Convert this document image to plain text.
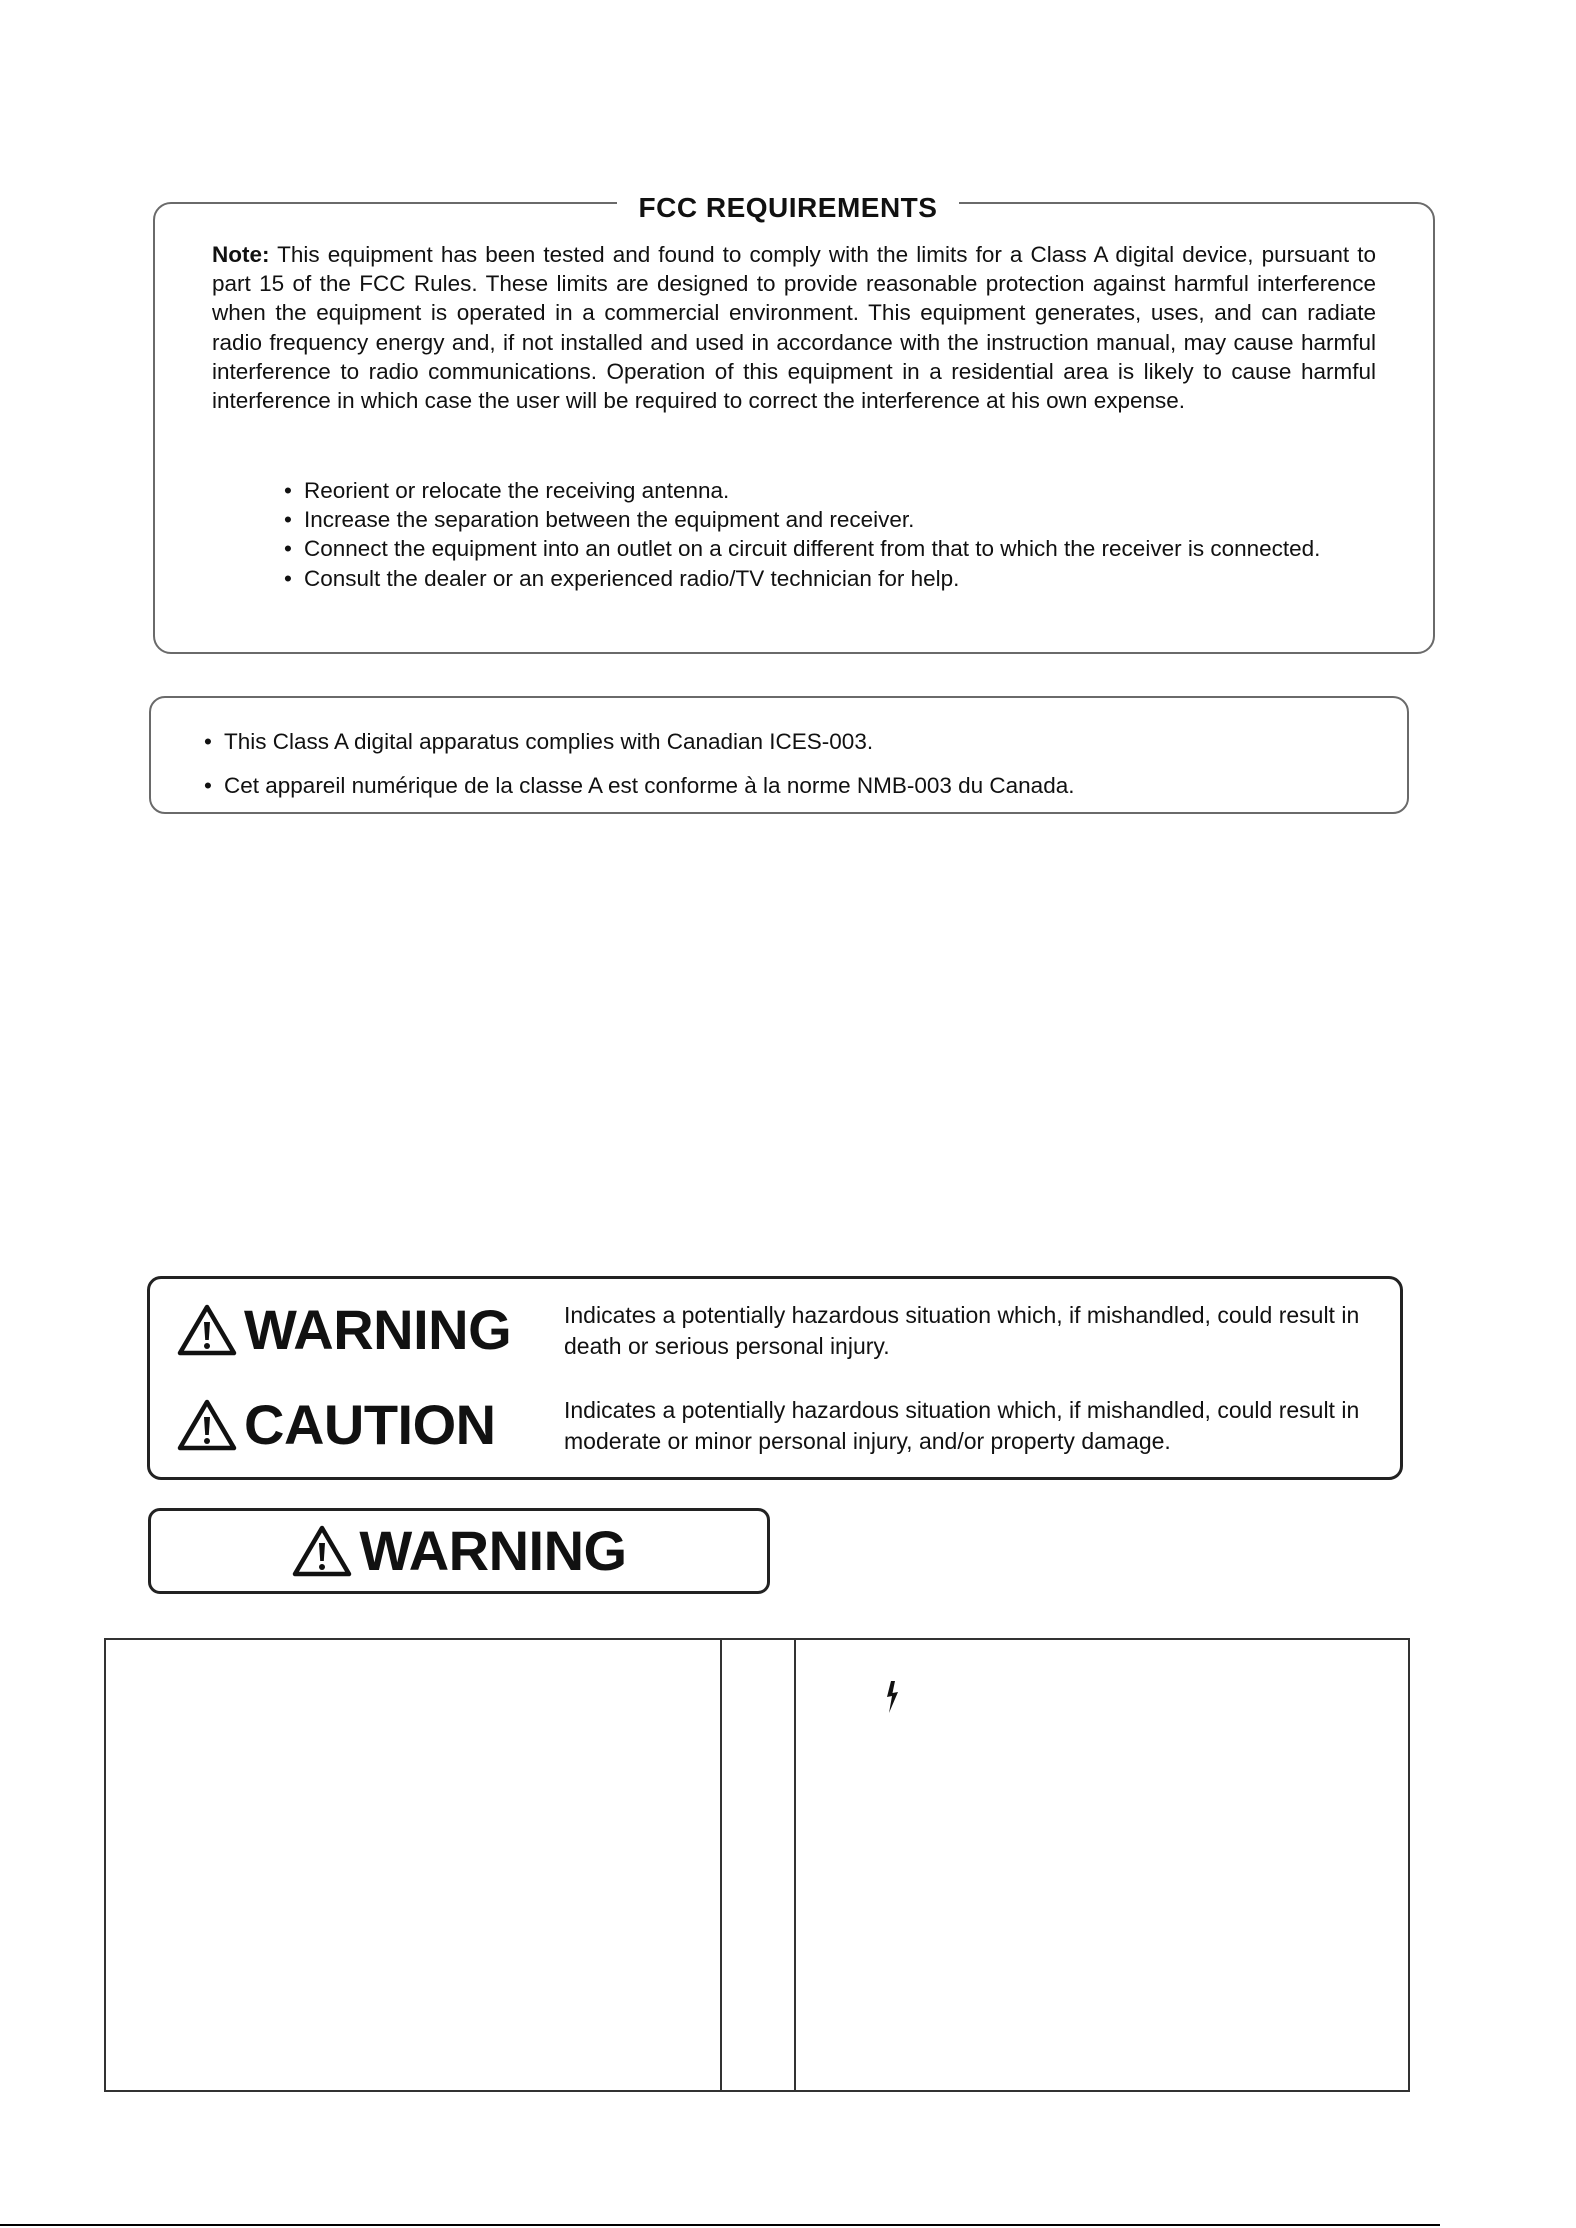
FCC REQUIREMENTS

Note: This equipment has been tested and found to comply with the limits for a Class A digital device, pursuant to part 15 of the FCC Rules. These limits are designed to provide reasonable protection against harmful interference when the equipment is operated in a commercial environment. This equipment generates, uses, and can radiate radio frequency energy and, if not installed and used in accordance with the instruction manual, may cause harmful interference to radio communications. Operation of this equipment in a residential area is likely to cause harmful interference in which case the user will be required to correct the interference at his own expense.

• Reorient or relocate the receiving antenna.
• Increase the separation between the equipment and receiver.
• Connect the equipment into an outlet on a circuit different from that to which the receiver is connected.
• Consult the dealer or an experienced radio/TV technician for help.
• This Class A digital apparatus complies with Canadian ICES-003.
• Cet appareil numérique de la classe A est conforme à la norme NMB-003 du Canada.
WARNING Indicates a potentially hazardous situation which, if mishandled, could result in death or serious personal injury.

CAUTION	Indicates a potentially hazardous situation which, if mishandled, could result in moderate or minor personal injury, and/or property damage.

WARNING
